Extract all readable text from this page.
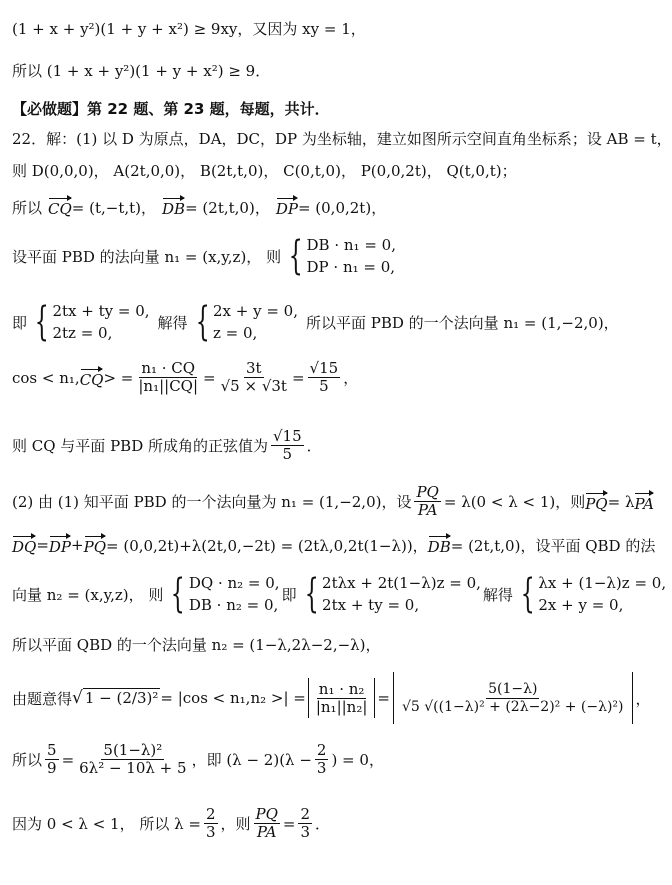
(1 + x + y²)(1 + y + x²) ≥ 9xy，又因为 xy = 1，
所以 (1 + x + y²)(1 + y + x²) ≥ 9．
【必做题】第 22 题、第 23 题，每题，共计．
22．解：(1) 以 D 为原点，DA，DC，DP 为坐标轴，建立如图所示空间直角坐标系；设 AB = t，
则 D(0,0,0)， A(2t,0,0)， B(2t,t,0)， C(0,t,0)， P(0,0,2t)， Q(t,0,t)；
所以 CQ = (t,−t,t)， DB = (2t,t,0)， DP = (0,0,2t)，
设平面 PBD 的法向量 n₁ = (x,y,z)， 则 { DB · n₁ = 0,
DP · n₁ = 0,
即 { 2tx + ty = 0,
2tz = 0,
解得 { 2x + y = 0,
z = 0,
所以平面 PBD 的一个法向量 n₁ = (1,−2,0)，
cos < n₁, CQ > = $\frac{\text{n₁ · CQ}}{\text{|n₁||CQ|}} = \frac{3t}{√5 \times √3t} = \frac{√15}{5}$ ，
则 CQ 与平面 PBD 所成角的正弦值为 $\frac{√15}{5}$ ．
(2) 由 (1) 知平面 PBD 的一个法向量为 n₁ = (1,−2,0)，设 $\frac{PQ}{PA} = \lambda(0 < \lambda < 1)$，则 PQ = λ PA
DQ = DP + PQ = (0,0,2t)+λ(2t,0,−2t) = (2tλ,0,2t(1−λ))， DB = (2t,t,0)，设平面 QBD 的法
向量 n₂ = (x,y,z)， 则 { DQ · n₂ = 0,
DB · n₂ = 0,
即 { 2tλx + 2t(1−λ)z = 0,
2tx + ty = 0,
解得 { λx + (1−λ)z = 0,
2x + y = 0,
所以平面 QBD 的一个法向量 n₂ = (1−λ,2λ−2,−λ)，
由题意得 √ 1 − (2/3)² = |cos < n₁,n₂ >| = $\frac{\text{n₁ · n₂}}{\text{|n₁||n₂|}} = \frac{5(1-\lambda)}{\text{√5 √((1−λ)² + (2λ−2)² + (−λ)²)}}$ ，
所以 $\frac{5}{9} = \frac{\text{5(1−λ)²}}{\text{6λ² − 10λ + 5}}$ ，即 $(\lambda - 2)(\lambda - \frac{2}{3}$ ) = 0，
因为 0 < λ < 1， 所以 $\lambda = \frac{2}{3}$ ，则 $\frac{PQ}{PA} = \frac{2}{3}$ ．
